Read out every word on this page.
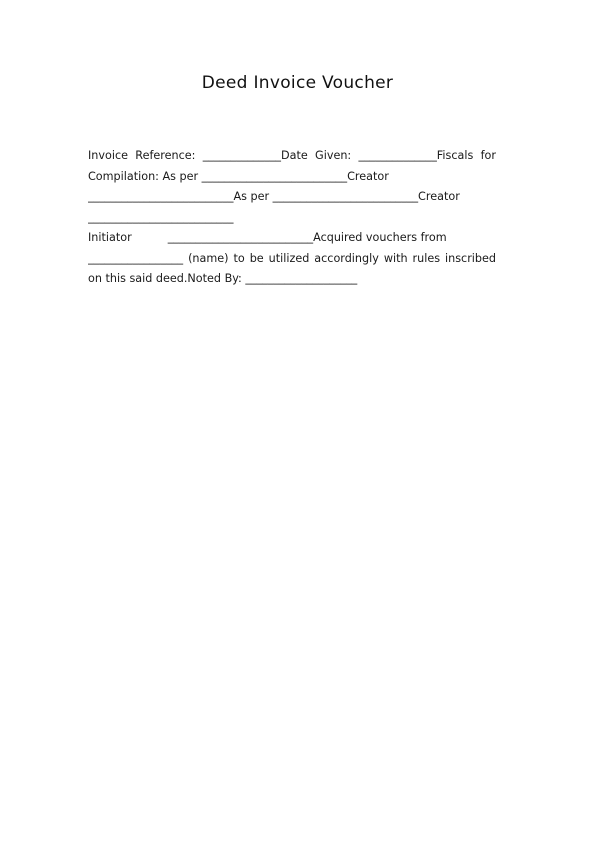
Deed Invoice Voucher
Invoice Reference: ______________Date Given: ______________Fiscals for
Compilation: As per __________________________Creator
__________________________As per __________________________Creator
__________________________
Initiator	__________________________Acquired vouchers from
_________________ (name) to be utilized accordingly with rules inscribed
on this said deed.Noted By: ____________________
